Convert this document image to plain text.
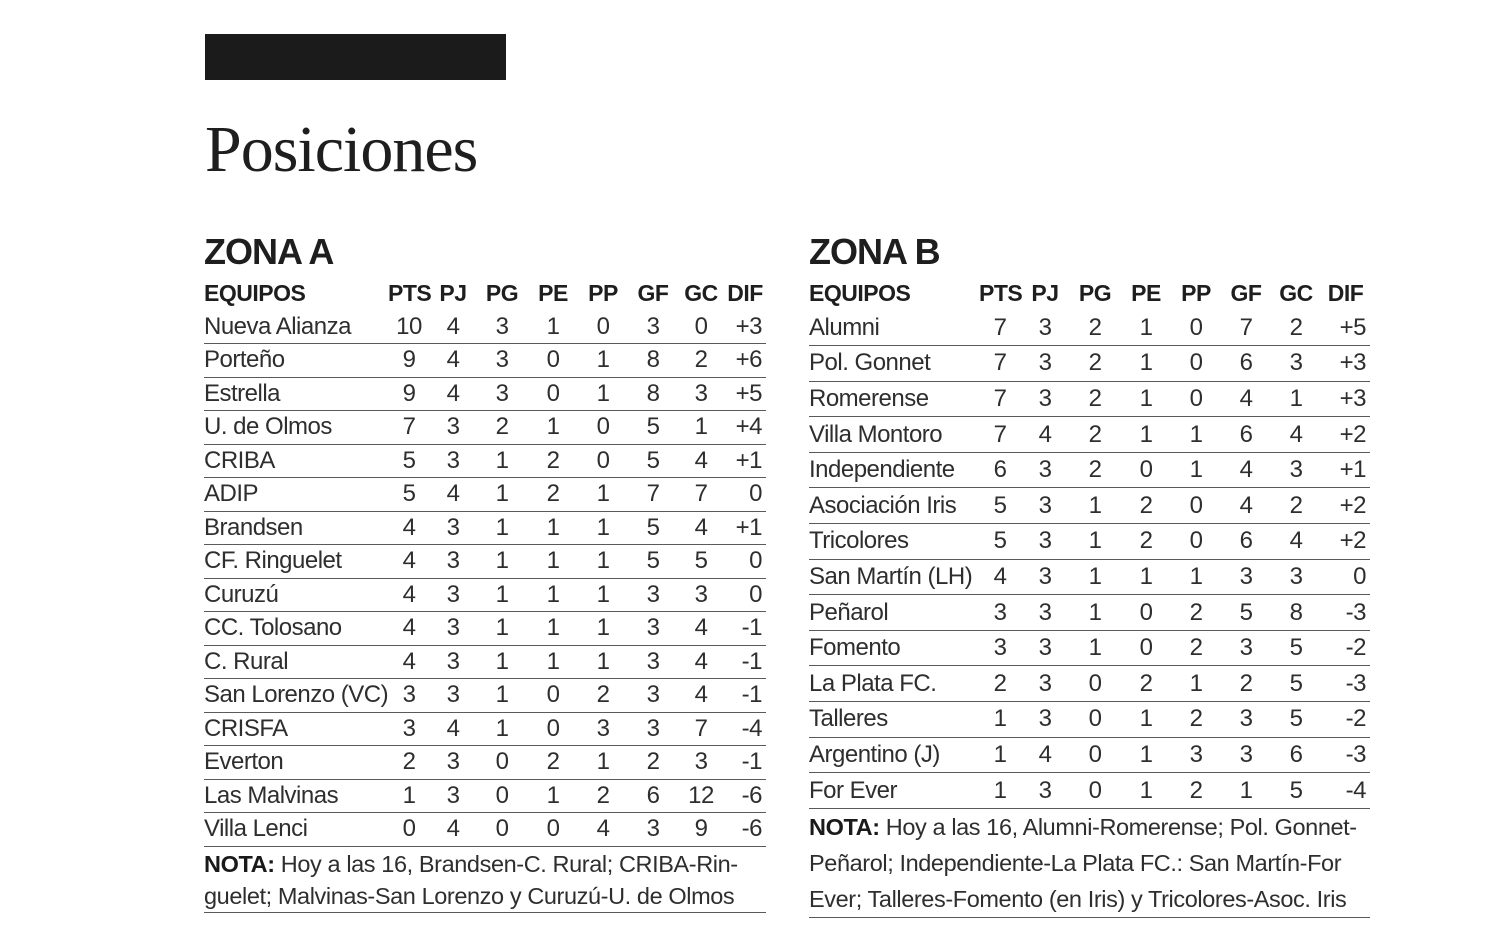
Posiciones
ZONA A
EQUIPOS	PTS	PJ	PG	PE	PP	GF	GC	DIF
Nueva Alianza	10	4	3	1	0	3	0	+3
Porteño	9	4	3	0	1	8	2	+6
Estrella	9	4	3	0	1	8	3	+5
U. de Olmos	7	3	2	1	0	5	1	+4
CRIBA	5	3	1	2	0	5	4	+1
ADIP	5	4	1	2	1	7	7	0
Brandsen	4	3	1	1	1	5	4	+1
CF. Ringuelet	4	3	1	1	1	5	5	0
Curuzú	4	3	1	1	1	3	3	0
CC. Tolosano	4	3	1	1	1	3	4	-1
C. Rural	4	3	1	1	1	3	4	-1
San Lorenzo (VC)	3	3	1	0	2	3	4	-1
CRISFA	3	4	1	0	3	3	7	-4
Everton	2	3	0	2	1	2	3	-1
Las Malvinas	1	3	0	1	2	6	12	-6
Villa Lenci	0	4	0	0	4	3	9	-6

NOTA: Hoy a las 16, Brandsen-C. Rural; CRIBA-Rin- guelet; Malvinas-San Lorenzo y Curuzú-U. de Olmos

ZONA B
EQUIPOS	PTS	PJ	PG	PE	PP	GF	GC	DIF
Alumni	7	3	2	1	0	7	2	+5
Pol. Gonnet	7	3	2	1	0	6	3	+3
Romerense	7	3	2	1	0	4	1	+3
Villa Montoro	7	4	2	1	1	6	4	+2
Independiente	6	3	2	0	1	4	3	+1
Asociación Iris	5	3	1	2	0	4	2	+2
Tricolores	5	3	1	2	0	6	4	+2
San Martín (LH)	4	3	1	1	1	3	3	0
Peñarol	3	3	1	0	2	5	8	-3
Fomento	3	3	1	0	2	3	5	-2
La Plata FC.	2	3	0	2	1	2	5	-3
Talleres	1	3	0	1	2	3	5	-2
Argentino (J)	1	4	0	1	3	3	6	-3
For Ever	1	3	0	1	2	1	5	-4

NOTA: Hoy a las 16, Alumni-Romerense; Pol. Gonnet-Peñarol; Independiente-La Plata FC.: San Martín-For Ever; Talleres-Fomento (en Iris) y Tricolores-Asoc. Iris
